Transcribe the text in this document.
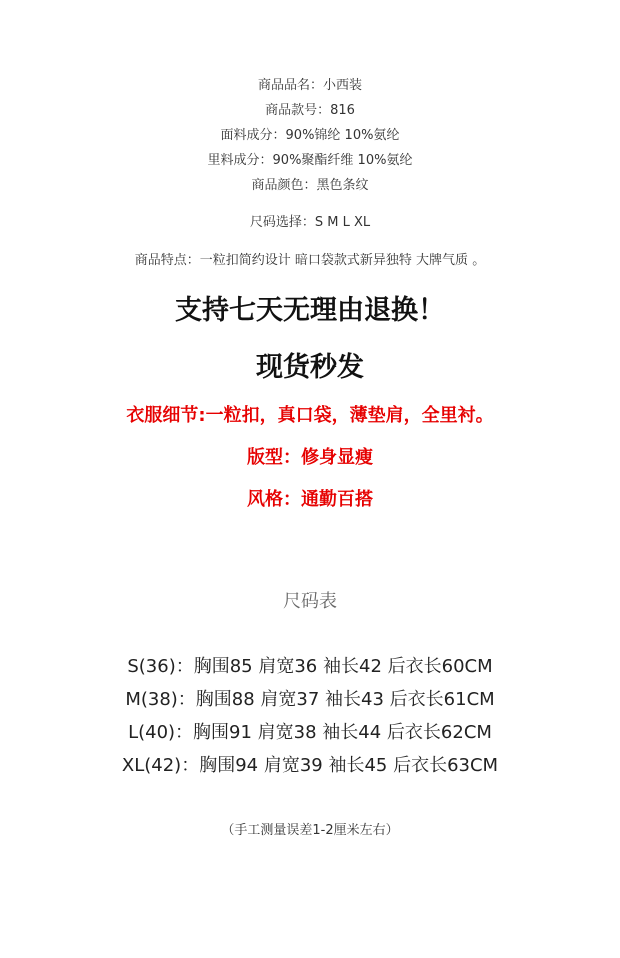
商品品名：小西装
商品款号：816
面料成分：90%锦纶 10%氨纶
里料成分：90%聚酯纤维 10%氨纶
商品颜色：黑色条纹
尺码选择：S M L XL
商品特点：一粒扣简约设计 暗口袋款式新异独特 大牌气质 。
支持七天无理由退换！
现货秒发
衣服细节:一粒扣，真口袋，薄垫肩，全里衬。
版型：修身显瘦
风格：通勤百搭
尺码表
S(36)：胸围85 肩宽36 袖长42 后衣长60CM
M(38)：胸围88 肩宽37 袖长43 后衣长61CM
L(40)：胸围91 肩宽38 袖长44 后衣长62CM
XL(42)：胸围94 肩宽39 袖长45 后衣长63CM
（手工测量误差1-2厘米左右）
